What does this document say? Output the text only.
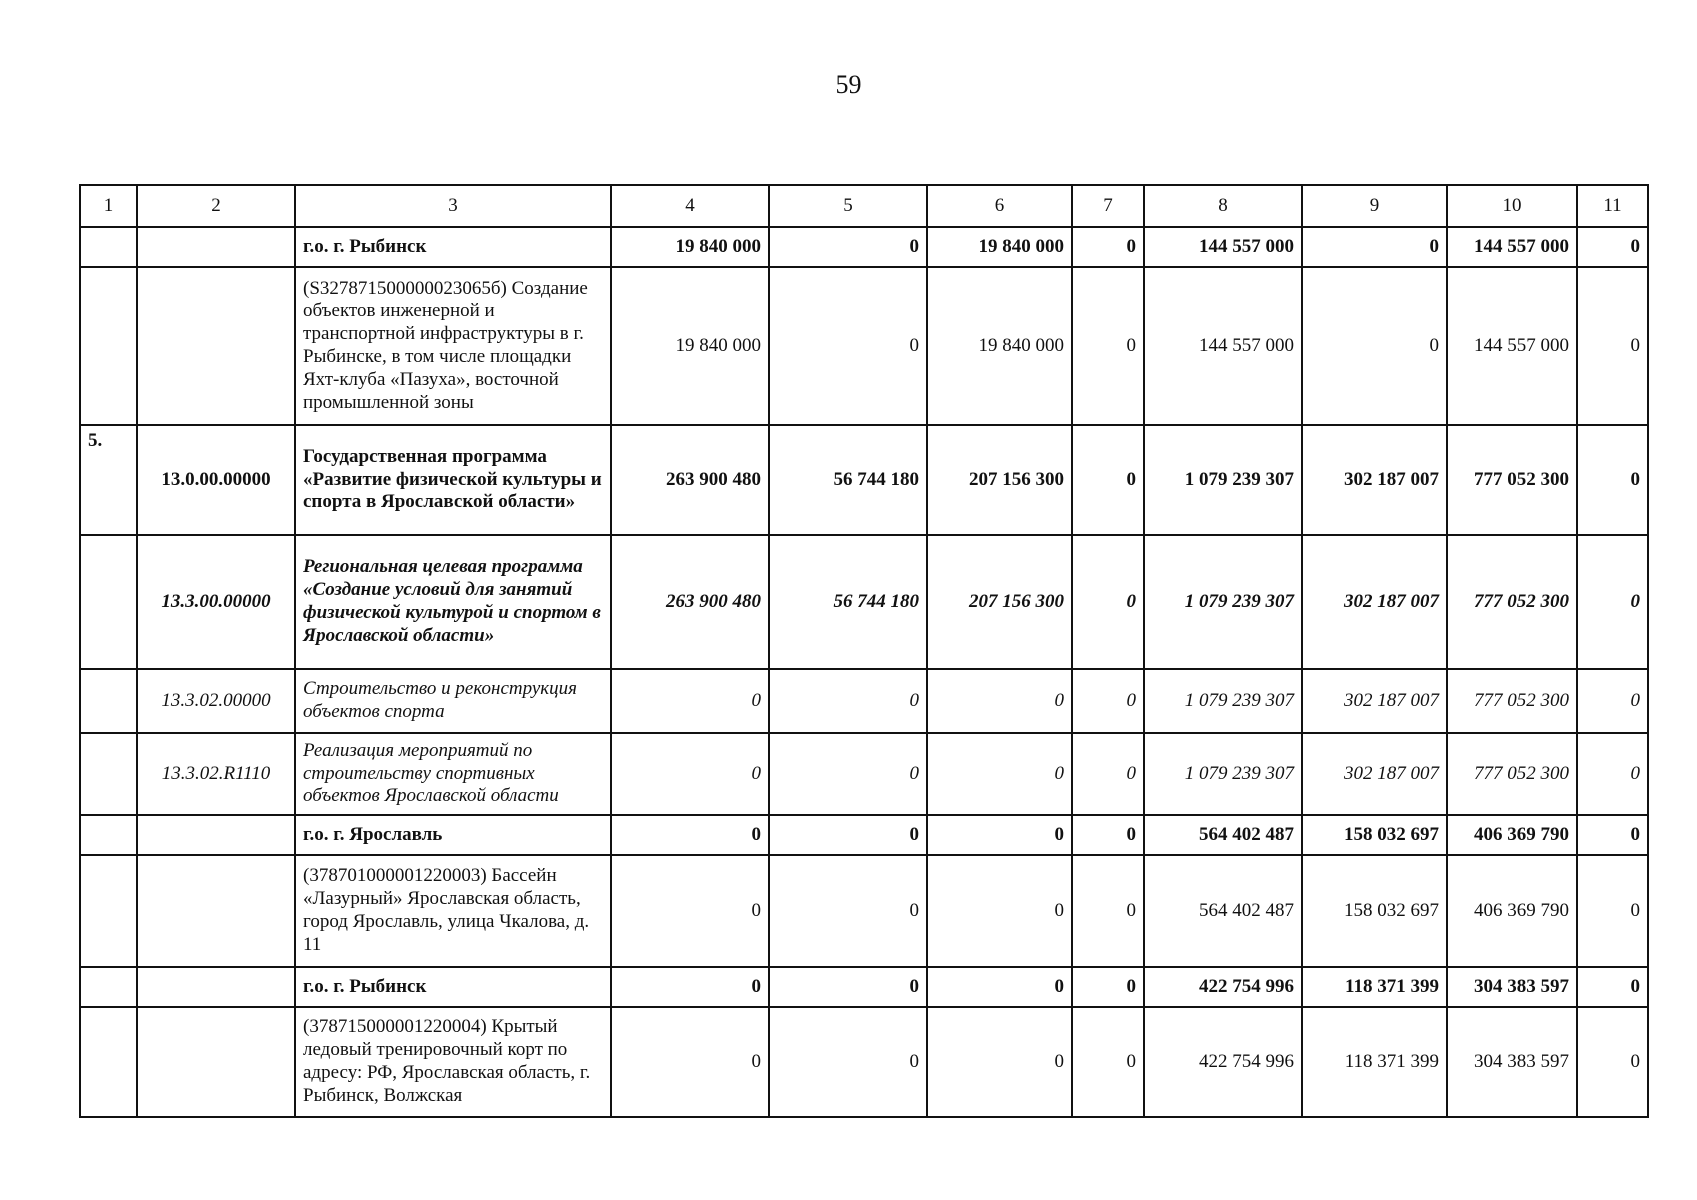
59
1	2	3	4	5	6	7	8	9	10	11
		г.о. г. Рыбинск	19 840 000	0	19 840 000	0	144 557 000	0	144 557 000	0
		(S327871500000023065б) Создание объектов инженерной и транспортной инфраструктуры в г. Рыбинске, в том числе площадки Яхт-клуба «Пазуха», восточной промышленной зоны	19 840 000	0	19 840 000	0	144 557 000	0	144 557 000	0
5.	13.0.00.00000	Государственная программа «Развитие физической культуры и спорта в Ярославской области»	263 900 480	56 744 180	207 156 300	0	1 079 239 307	302 187 007	777 052 300	0
	13.3.00.00000	Региональная целевая программа «Создание условий для занятий физической культурой и спортом в Ярославской области»	263 900 480	56 744 180	207 156 300	0	1 079 239 307	302 187 007	777 052 300	0
	13.3.02.00000	Строительство и реконструкция объектов спорта	0	0	0	0	1 079 239 307	302 187 007	777 052 300	0
	13.3.02.R1110	Реализация мероприятий по строительству спортивных объектов Ярославской области	0	0	0	0	1 079 239 307	302 187 007	777 052 300	0
		г.о. г. Ярославль	0	0	0	0	564 402 487	158 032 697	406 369 790	0
		(378701000001220003) Бассейн «Лазурный» Ярославская область, город Ярославль, улица Чкалова, д. 11	0	0	0	0	564 402 487	158 032 697	406 369 790	0
		г.о. г. Рыбинск	0	0	0	0	422 754 996	118 371 399	304 383 597	0
		(378715000001220004) Крытый ледовый тренировочный корт по адресу: РФ, Ярославская область, г. Рыбинск, Волжская	0	0	0	0	422 754 996	118 371 399	304 383 597	0
